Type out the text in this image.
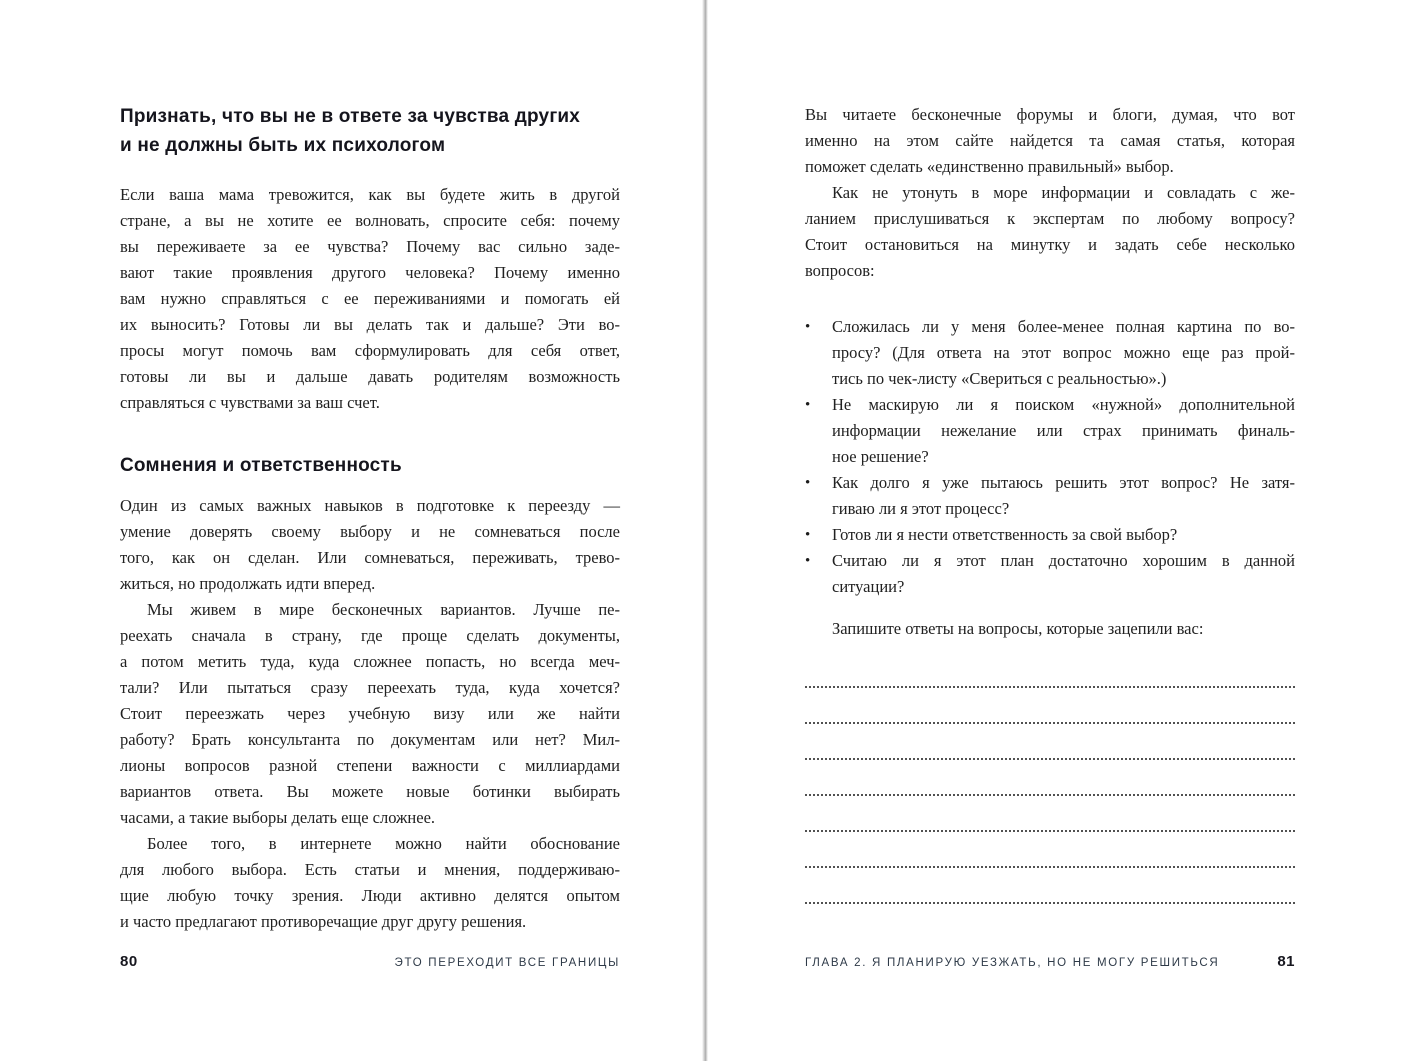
Признать, что вы не в ответе за чувства других
и не должны быть их психологом
Если ваша мама тревожится, как вы будете жить в другой
стране, а вы не хотите ее волновать, спросите себя: почему
вы переживаете за ее чувства? Почему вас сильно заде-
вают такие проявления другого человека? Почему именно
вам нужно справляться с ее переживаниями и помогать ей
их выносить? Готовы ли вы делать так и дальше? Эти во-
просы могут помочь вам сформулировать для себя ответ,
готовы ли вы и дальше давать родителям возможность
справляться с чувствами за ваш счет.
Сомнения и ответственность
Один из самых важных навыков в подготовке к переезду —
умение доверять своему выбору и не сомневаться после
того, как он сделан. Или сомневаться, переживать, трево-
житься, но продолжать идти вперед.
Мы живем в мире бесконечных вариантов. Лучше пе-
реехать сначала в страну, где проще сделать документы,
а потом метить туда, куда сложнее попасть, но всегда меч-
тали? Или пытаться сразу переехать туда, куда хочется?
Стоит переезжать через учебную визу или же найти
работу? Брать консультанта по документам или нет? Мил-
лионы вопросов разной степени важности с миллиардами
вариантов ответа. Вы можете новые ботинки выбирать
часами, а такие выборы делать еще сложнее.
Более того, в интернете можно найти обоснование
для любого выбора. Есть статьи и мнения, поддерживаю-
щие любую точку зрения. Люди активно делятся опытом
и часто предлагают противоречащие друг другу решения.
80	ЭТО ПЕРЕХОДИТ ВСЕ ГРАНИЦЫ
Вы читаете бесконечные форумы и блоги, думая, что вот
именно на этом сайте найдется та самая статья, которая
поможет сделать «единственно правильный» выбор.
Как не утонуть в море информации и совладать с же-
ланием прислушиваться к экспертам по любому вопросу?
Стоит остановиться на минутку и задать себе несколько
вопросов:
•	Сложилась ли у меня более-менее полная картина по во-
просу? (Для ответа на этот вопрос можно еще раз прой-
тись по чек-листу «Свериться с реальностью».)
•	Не маскирую ли я поиском «нужной» дополнительной
информации нежелание или страх принимать финаль-
ное решение?
•	Как долго я уже пытаюсь решить этот вопрос? Не затя-
гиваю ли я этот процесс?
•	Готов ли я нести ответственность за свой выбор?
•	Считаю ли я этот план достаточно хорошим в данной
ситуации?
Запишите ответы на вопросы, которые зацепили вас:
ГЛАВА 2. Я ПЛАНИРУЮ УЕЗЖАТЬ, НО НЕ МОГУ РЕШИТЬСЯ	81
